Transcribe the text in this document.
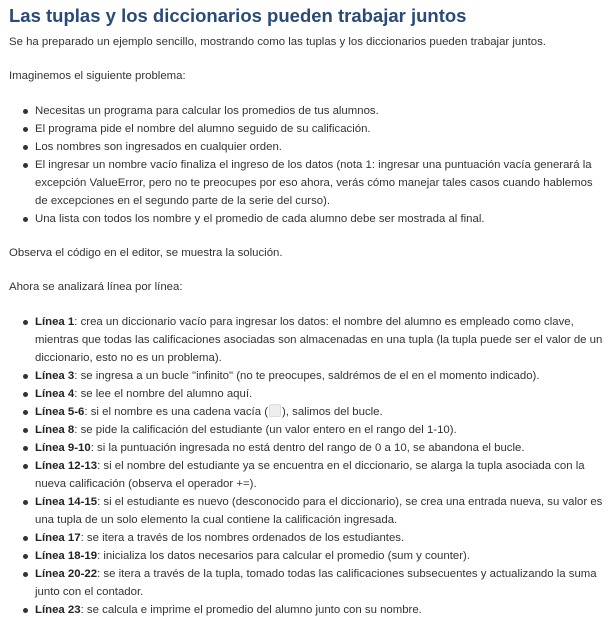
Las tuplas y los diccionarios pueden trabajar juntos

Se ha preparado un ejemplo sencillo, mostrando como las tuplas y los diccionarios pueden trabajar juntos.

Imaginemos el siguiente problema:

Necesitas un programa para calcular los promedios de tus alumnos.
El programa pide el nombre del alumno seguido de su calificación.
Los nombres son ingresados en cualquier orden.
El ingresar un nombre vacío finaliza el ingreso de los datos (nota 1: ingresar una puntuación vacía generará la excepción ValueError, pero no te preocupes por eso ahora, verás cómo manejar tales casos cuando hablemos de excepciones en el segundo parte de la serie del curso).
Una lista con todos los nombre y el promedio de cada alumno debe ser mostrada al final.

Observa el código en el editor, se muestra la solución.

Ahora se analizará línea por línea:

Línea 1: crea un diccionario vacío para ingresar los datos: el nombre del alumno es empleado como clave, mientras que todas las calificaciones asociadas son almacenadas en una tupla (la tupla puede ser el valor de un diccionario, esto no es un problema).
Línea 3: se ingresa a un bucle "infinito" (no te preocupes, saldrémos de el en el momento indicado).
Línea 4: se lee el nombre del alumno aquí.
Línea 5-6: si el nombre es una cadena vacía ( ), salimos del bucle.
Línea 8: se pide la calificación del estudiante (un valor entero en el rango del 1-10).
Línea 9-10: si la puntuación ingresada no está dentro del rango de 0 a 10, se abandona el bucle.
Línea 12-13: si el nombre del estudiante ya se encuentra en el diccionario, se alarga la tupla asociada con la nueva calificación (observa el operador +=).
Línea 14-15: si el estudiante es nuevo (desconocido para el diccionario), se crea una entrada nueva, su valor es una tupla de un solo elemento la cual contiene la calificación ingresada.
Línea 17: se itera a través de los nombres ordenados de los estudiantes.
Línea 18-19: inicializa los datos necesarios para calcular el promedio (sum y counter).
Línea 20-22: se itera a través de la tupla, tomado todas las calificaciones subsecuentes y actualizando la suma junto con el contador.
Línea 23: se calcula e imprime el promedio del alumno junto con su nombre.
